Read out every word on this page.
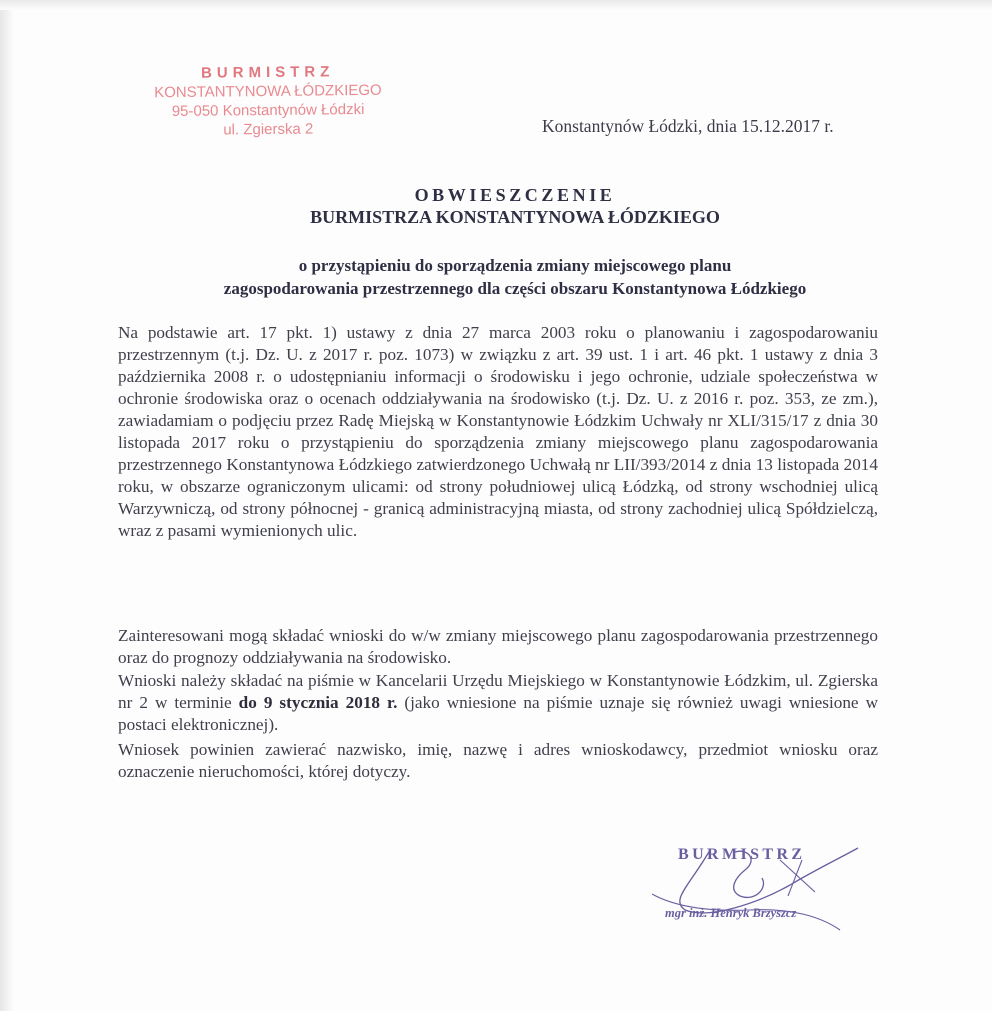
BURMISTRZ
KONSTANTYNOWA ŁÓDZKIEGO
95-050 Konstantynów Łódzki
ul. Zgierska 2	Konstantynów Łódzki, dnia 15.12.2017 r.
OBWIESZCZENIE
BURMISTRZA KONSTANTYNOWA ŁÓDZKIEGO
o przystąpieniu do sporządzenia zmiany miejscowego planu
zagospodarowania przestrzennego dla części obszaru Konstantynowa Łódzkiego
Na podstawie art. 17 pkt. 1) ustawy z dnia 27 marca 2003 roku o planowaniu i zagospodarowaniu przestrzennym (t.j. Dz. U. z 2017 r. poz. 1073) w związku z art. 39 ust. 1 i art. 46 pkt. 1 ustawy z dnia 3 października 2008 r. o udostępnianiu informacji o środowisku i jego ochronie, udziale społeczeństwa w ochronie środowiska oraz o ocenach oddziaływania na środowisko (t.j. Dz. U. z 2016 r. poz. 353, ze zm.), zawiadamiam o podjęciu przez Radę Miejską w Konstantynowie Łódzkim Uchwały nr XLI/315/17 z dnia 30 listopada 2017 roku o przystąpieniu do sporządzenia zmiany miejscowego planu zagospodarowania przestrzennego Konstantynowa Łódzkiego zatwierdzonego Uchwałą nr LII/393/2014 z dnia 13 listopada 2014 roku, w obszarze ograniczonym ulicami: od strony południowej ulicą Łódzką, od strony wschodniej ulicą Warzywniczą, od strony północnej - granicą administracyjną miasta, od strony zachodniej ulicą Spółdzielczą, wraz z pasami wymienionych ulic.
Zainteresowani mogą składać wnioski do w/w zmiany miejscowego planu zagospodarowania przestrzennego oraz do prognozy oddziaływania na środowisko.
Wnioski należy składać na piśmie w Kancelarii Urzędu Miejskiego w Konstantynowie Łódzkim, ul. Zgierska nr 2 w terminie do 9 stycznia 2018 r. (jako wniesione na piśmie uznaje się również uwagi wniesione w postaci elektronicznej).
Wniosek powinien zawierać nazwisko, imię, nazwę i adres wnioskodawcy, przedmiot wniosku oraz oznaczenie nieruchomości, której dotyczy.
BURMISTRZ
mgr inż. Henryk Brzyszcz
